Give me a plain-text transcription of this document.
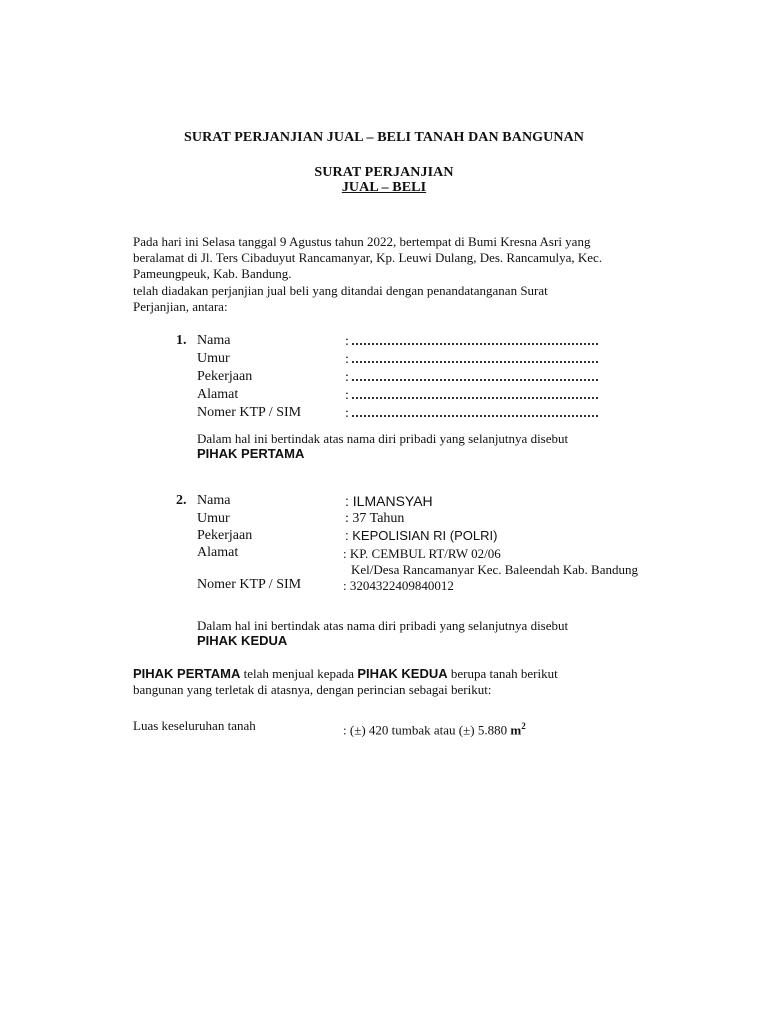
SURAT PERJANJIAN JUAL – BELI TANAH DAN BANGUNAN
SURAT PERJANJIAN
JUAL – BELI
Pada hari ini Selasa tanggal 9 Agustus tahun 2022, bertempat di Bumi Kresna Asri yang
beralamat di Jl. Ters Cibaduyut Rancamanyar, Kp. Leuwi Dulang, Des. Rancamulya, Kec.
Pameungpeuk, Kab. Bandung.
telah diadakan perjanjian jual beli yang ditandai dengan penandatanganan Surat
Perjanjian, antara:
1. Nama
Umur
Pekerjaan
Alamat
Nomer KTP / SIM
:
:
:
:
:
Dalam hal ini bertindak atas nama diri pribadi yang selanjutnya disebut
PIHAK PERTAMA
2. Nama
Umur
Pekerjaan
Alamat
Nomer KTP / SIM
: ILMANSYAH
: 37 Tahun
: KEPOLISIAN RI (POLRI)
: KP. CEMBUL RT/RW 02/06
Kel/Desa Rancamanyar Kec. Baleendah Kab. Bandung
: 3204322409840012
Dalam hal ini bertindak atas nama diri pribadi yang selanjutnya disebut
PIHAK KEDUA
PIHAK PERTAMA telah menjual kepada PIHAK KEDUA berupa tanah berikut
bangunan yang terletak di atasnya, dengan perincian sebagai berikut:
Luas keseluruhan tanah	: (±) 420 tumbak atau (±) 5.880 $m^2$
